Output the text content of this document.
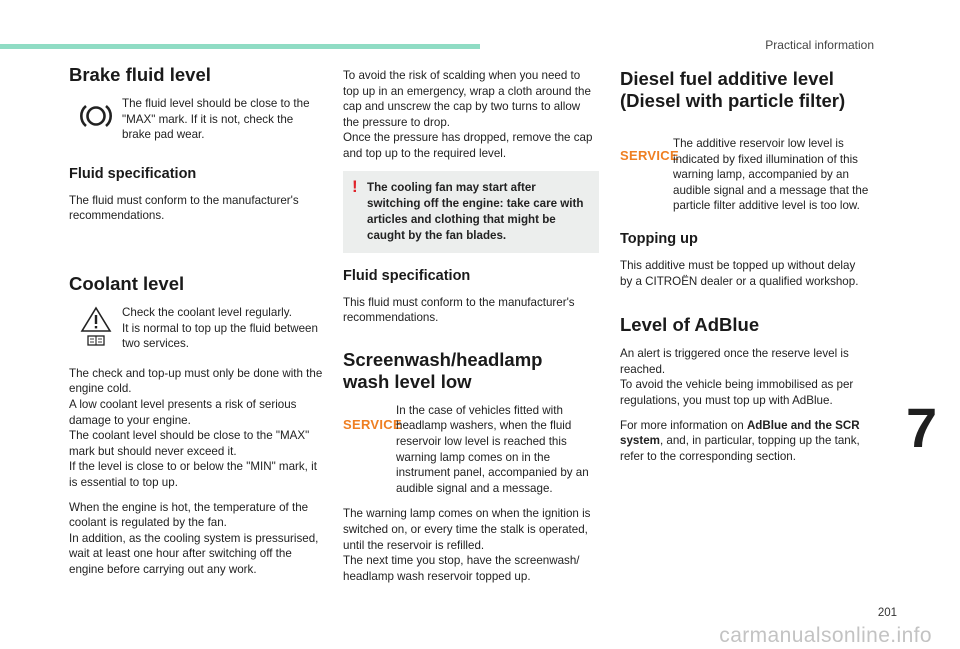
Practical information
Brake fluid level
The fluid level should be close to the "MAX" mark. If it is not, check the brake pad wear.
Fluid specification

The fluid must conform to the manufacturer's recommendations.

Coolant level
Check the coolant level regularly.
It is normal to top up the fluid between two services.

The check and top-up must only be done with the engine cold.
A low coolant level presents a risk of serious damage to your engine.
The coolant level should be close to the "MAX" mark but should never exceed it.
If the level is close to or below the "MIN" mark, it is essential to top up.

When the engine is hot, the temperature of the coolant is regulated by the fan.
In addition, as the cooling system is pressurised, wait at least one hour after switching off the engine before carrying out any work.

To avoid the risk of scalding when you need to top up in an emergency, wrap a cloth around the cap and unscrew the cap by two turns to allow the pressure to drop.
Once the pressure has dropped, remove the cap and top up to the required level.

! The cooling fan may start after switching off the engine: take care with articles and clothing that might be caught by the fan blades.
Fluid specification

This fluid must conform to the manufacturer's recommendations.

Screenwash/headlamp
wash level low
SERVICE
In the case of vehicles fitted with headlamp washers, when the fluid reservoir low level is reached this warning lamp comes on in the instrument panel, accompanied by an audible signal and a message.

The warning lamp comes on when the ignition is switched on, or every time the stalk is operated, until the reservoir is refilled.
The next time you stop, have the screenwash/ headlamp wash reservoir topped up.

Diesel fuel additive level
(Diesel with particle filter)
SERVICE
The additive reservoir low level is indicated by fixed illumination of this warning lamp, accompanied by an audible signal and a message that the particle filter additive level is too low.
Topping up

This additive must be topped up without delay by a CITROËN dealer or a qualified workshop.

Level of AdBlue

An alert is triggered once the reserve level is reached.
To avoid the vehicle being immobilised as per regulations, you must top up with AdBlue.

For more information on AdBlue and the SCR system, and, in particular, topping up the tank, refer to the corresponding section.	7
201
carmanualsonline.info
